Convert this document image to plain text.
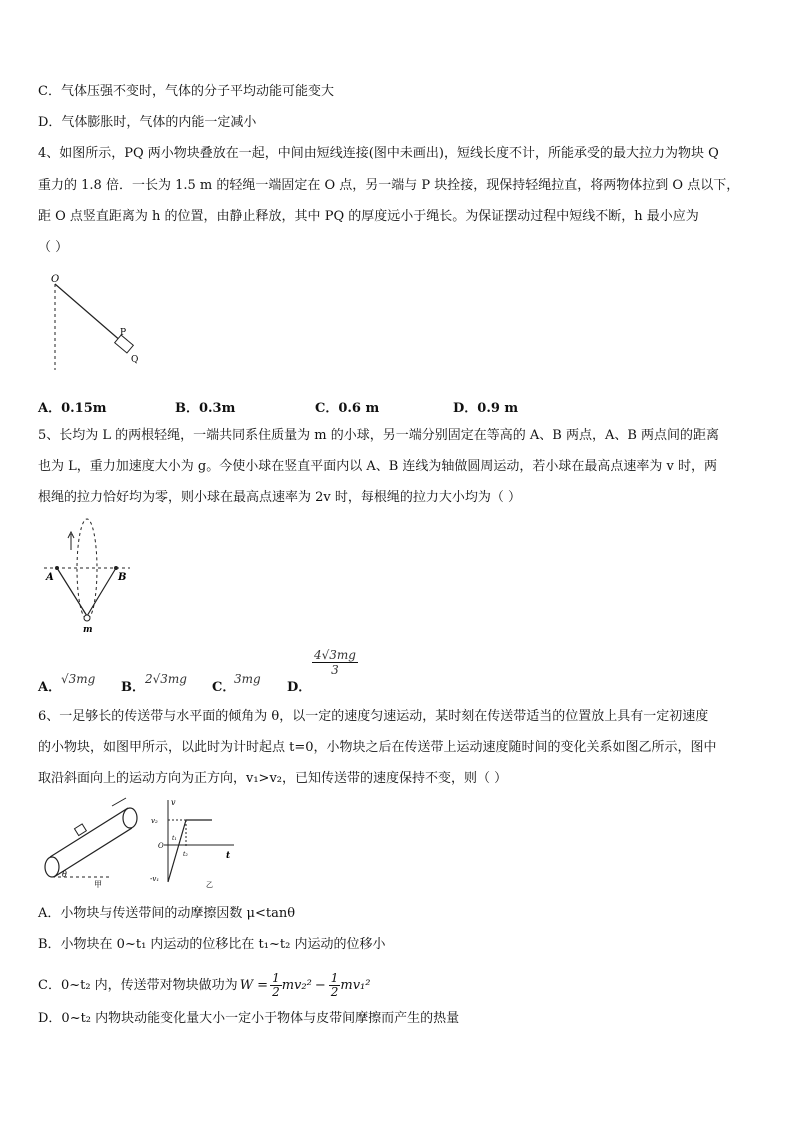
C．气体压强不变时，气体的分子平均动能可能变大
D．气体膨胀时，气体的内能一定减小
4、如图所示，PQ 两小物块叠放在一起，中间由短线连接(图中未画出)，短线长度不计，所能承受的最大拉力为物块 Q
重力的 1.8 倍．一长为 1.5 m 的轻绳一端固定在 O 点，另一端与 P 块拴接，现保持轻绳拉直，将两物体拉到 O 点以下，
距 O 点竖直距离为 h 的位置，由静止释放，其中 PQ 的厚度远小于绳长。为保证摆动过程中短线不断，h 最小应为
（ ）
O
P
Q
A．0.15m	B．0.3m	C．0.6 m	D．0.9 m
5、长均为 L 的两根轻绳，一端共同系住质量为 m 的小球，另一端分别固定在等高的 A、B 两点，A、B 两点间的距离
也为 L，重力加速度大小为 g。今使小球在竖直平面内以 A、B 连线为轴做圆周运动，若小球在最高点速率为 v 时，两
根绳的拉力恰好均为零，则小球在最高点速率为 2v 时，每根绳的拉力大小均为（ ）
A	B
m
A．
√3mg
B．
2√3mg
C．
3mg
D．
$\frac{4√3mg}{3}$
6、一足够长的传送带与水平面的倾角为 θ，以一定的速度匀速运动，某时刻在传送带适当的位置放上具有一定初速度
的小物块，如图甲所示，以此时为计时起点 t=0，小物块之后在传送带上运动速度随时间的变化关系如图乙所示，图中
取沿斜面向上的运动方向为正方向，v₁>v₂，已知传送带的速度保持不变，则（ ）
θ
甲
v
v₂
O
-v₁
t₁
t₂	t
乙
A．小物块与传送带间的动摩擦因数 μ<tanθ
B．小物块在 0~t₁ 内运动的位移比在 t₁~t₂ 内运动的位移小
C．0~t₂ 内，传送带对物块做功为 $W = \frac{1}{2} mv_2^2 - \frac{1}{2} mv_1^2$
D．0~t₂ 内物块动能变化量大小一定小于物体与皮带间摩擦而产生的热量
